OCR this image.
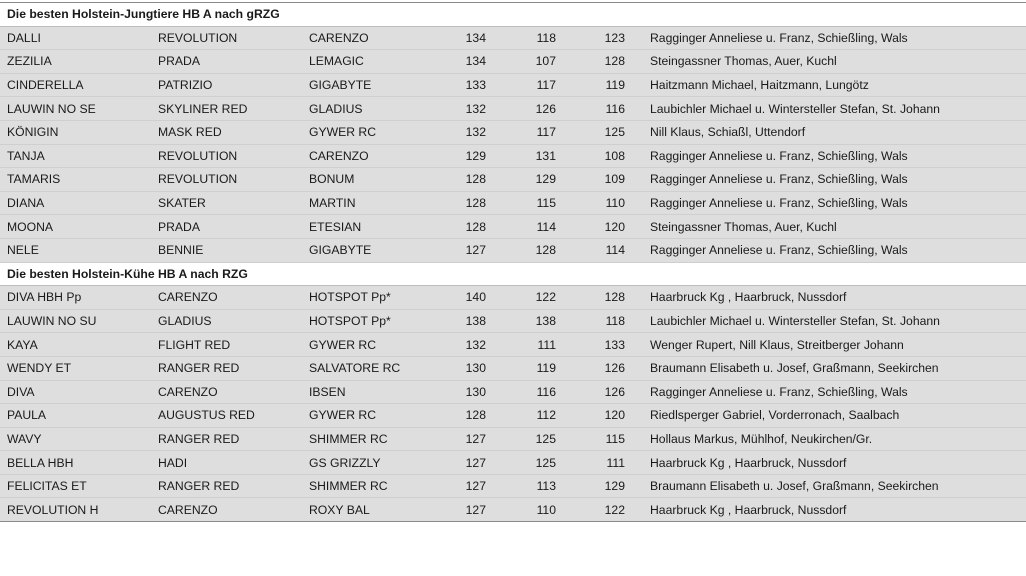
Die besten Holstein-Jungtiere HB A nach gRZG						
DALLI	REVOLUTION	CARENZO	134	118	123	Ragginger Anneliese u. Franz, Schießling, Wals
ZEZILIA	PRADA	LEMAGIC	134	107	128	Steingassner Thomas, Auer, Kuchl
CINDERELLA	PATRIZIO	GIGABYTE	133	117	119	Haitzmann Michael, Haitzmann, Lungötz
LAUWIN NO SE	SKYLINER RED	GLADIUS	132	126	116	Laubichler Michael u. Wintersteller Stefan, St. Johann
KÖNIGIN	MASK RED	GYWER RC	132	117	125	Nill Klaus, Schiaßl, Uttendorf
TANJA	REVOLUTION	CARENZO	129	131	108	Ragginger Anneliese u. Franz, Schießling, Wals
TAMARIS	REVOLUTION	BONUM	128	129	109	Ragginger Anneliese u. Franz, Schießling, Wals
DIANA	SKATER	MARTIN	128	115	110	Ragginger Anneliese u. Franz, Schießling, Wals
MOONA	PRADA	ETESIAN	128	114	120	Steingassner Thomas, Auer, Kuchl
NELE	BENNIE	GIGABYTE	127	128	114	Ragginger Anneliese u. Franz, Schießling, Wals
Die besten Holstein-Kühe HB A nach RZG						
DIVA HBH Pp	CARENZO	HOTSPOT Pp*	140	122	128	Haarbruck Kg , Haarbruck, Nussdorf
LAUWIN NO SU	GLADIUS	HOTSPOT Pp*	138	138	118	Laubichler Michael u. Wintersteller Stefan, St. Johann
KAYA	FLIGHT RED	GYWER RC	132	111	133	Wenger Rupert, Nill Klaus, Streitberger Johann
WENDY ET	RANGER RED	SALVATORE RC	130	119	126	Braumann Elisabeth u. Josef, Graßmann, Seekirchen
DIVA	CARENZO	IBSEN	130	116	126	Ragginger Anneliese u. Franz, Schießling, Wals
PAULA	AUGUSTUS RED	GYWER RC	128	112	120	Riedlsperger Gabriel, Vorderronach, Saalbach
WAVY	RANGER RED	SHIMMER RC	127	125	115	Hollaus Markus, Mühlhof, Neukirchen/Gr.
BELLA HBH	HADI	GS GRIZZLY	127	125	111	Haarbruck Kg , Haarbruck, Nussdorf
FELICITAS ET	RANGER RED	SHIMMER RC	127	113	129	Braumann Elisabeth u. Josef, Graßmann, Seekirchen
REVOLUTION H	CARENZO	ROXY BAL	127	110	122	Haarbruck Kg , Haarbruck, Nussdorf
